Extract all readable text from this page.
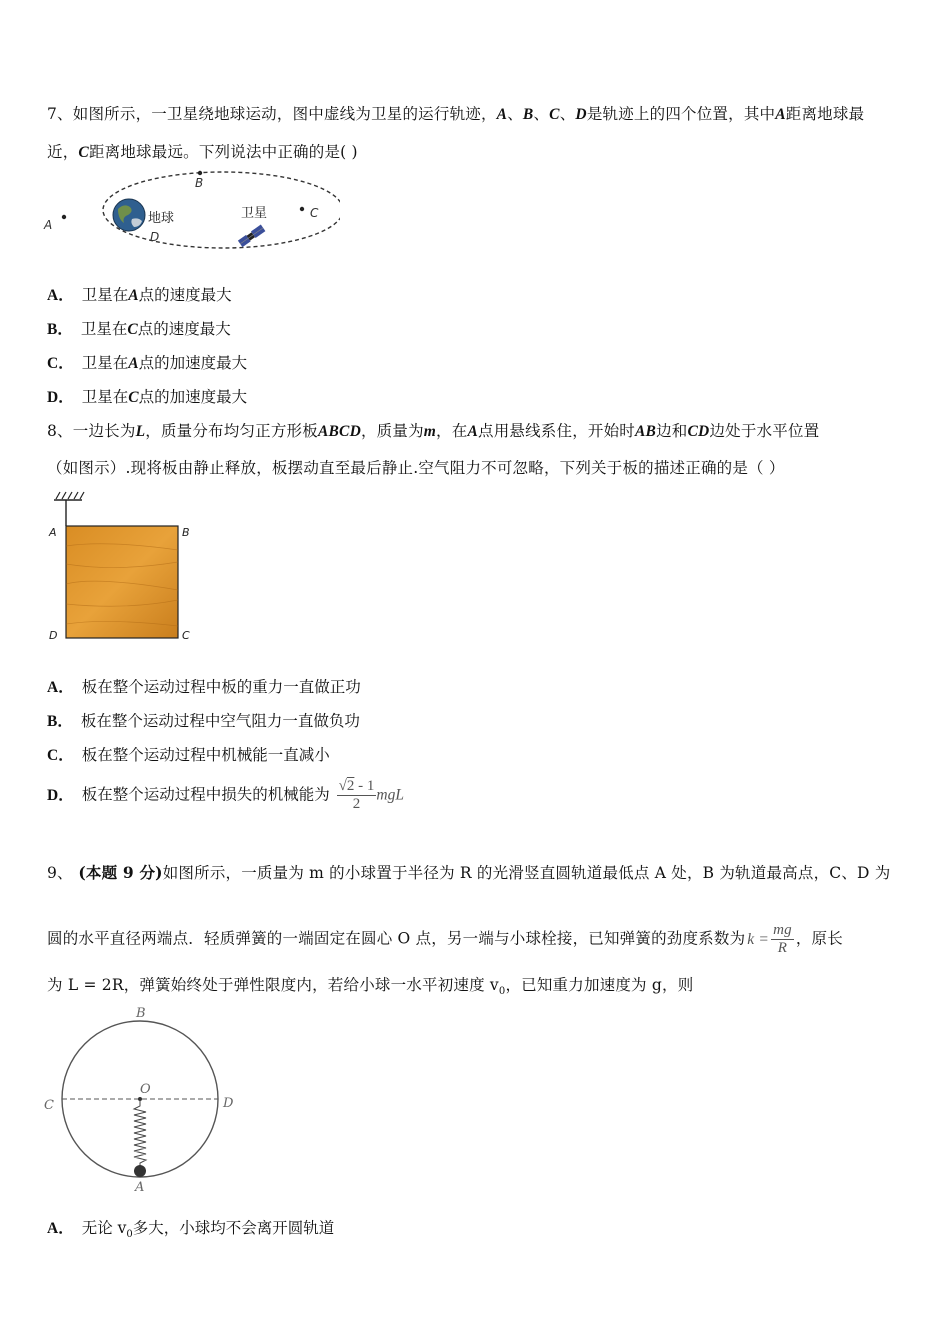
7、如图所示，一卫星绕地球运动，图中虚线为卫星的运行轨迹，A、B、C、D是轨迹上的四个位置，其中A距离地球最
近，C距离地球最远。下列说法中正确的是( )
A
B
C
D
地球	卫星
A． 卫星在A点的速度最大
B． 卫星在C点的速度最大
C． 卫星在A点的加速度最大
D． 卫星在C点的加速度最大
8、一边长为L，质量分布均匀正方形板ABCD，质量为m，在A点用悬线系住，开始时AB边和CD边处于水平位置
（如图示）.现将板由静止释放，板摆动直至最后静止.空气阻力不可忽略，下列关于板的描述正确的是（ ）
A	B
C
D
A． 板在整个运动过程中板的重力一直做正功
B． 板在整个运动过程中空气阻力一直做负功
C． 板在整个运动过程中机械能一直减小
D． 板在整个运动过程中损失的机械能为 $\frac{√2 - 1}{2}$ mgL
9、 (本题 9 分)如图所示，一质量为 m 的小球置于半径为 R 的光滑竖直圆轨道最低点 A 处，B 为轨道最高点，C、D 为
圆的水平直径两端点．轻质弹簧的一端固定在圆心 O 点，另一端与小球栓接，已知弹簧的劲度系数为 $k = \frac{mg}{R}$ ，原长
为 L = 2R，弹簧始终处于弹性限度内，若给小球一水平初速度 $v_0$，已知重力加速度为 g，则
B
C	D
O
A
A． 无论 $v_0$多大，小球均不会离开圆轨道
